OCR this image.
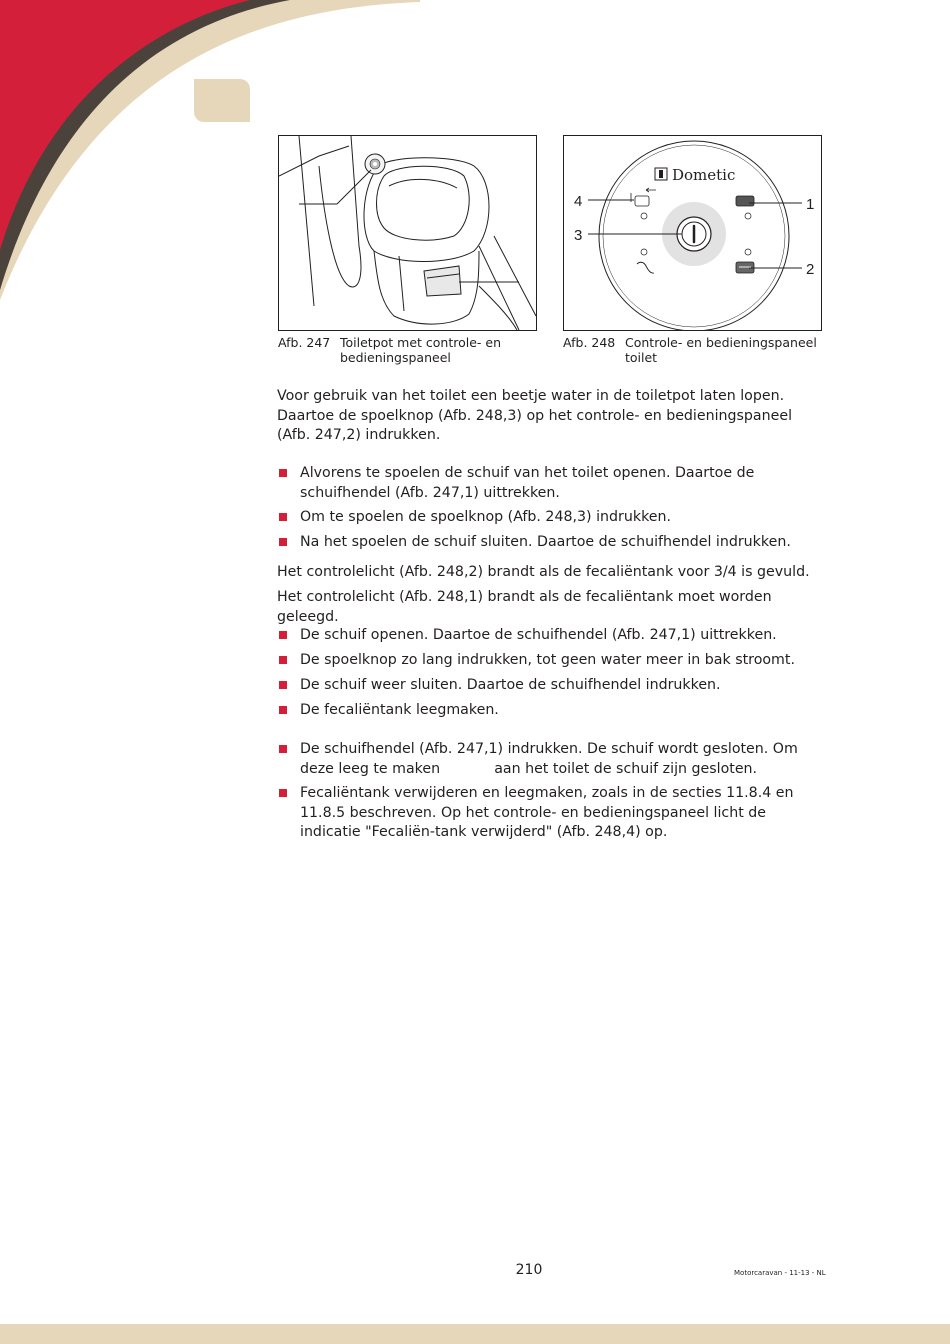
Dometic
4
3
1
2
Afb. 247 Toiletpot met controle- en bedieningspaneel
Afb. 248 Controle- en bedieningspaneel toilet

Voor gebruik van het toilet een beetje water in de toiletpot laten lopen. Daartoe de spoelknop (Afb. 248,3) op het controle- en bedieningspaneel (Afb. 247,2) indrukken.

Alvorens te spoelen de schuif van het toilet openen. Daartoe de schuifhendel (Afb. 247,1) uittrekken.
Om te spoelen de spoelknop (Afb. 248,3) indrukken.
Na het spoelen de schuif sluiten. Daartoe de schuifhendel indrukken.

Het controlelicht (Afb. 248,2) brandt als de fecaliëntank voor 3/4 is gevuld.

Het controlelicht (Afb. 248,1) brandt als de fecaliëntank moet worden geleegd.

De schuif openen. Daartoe de schuifhendel (Afb. 247,1) uittrekken.
De spoelknop zo lang indrukken, tot geen water meer in bak stroomt.
De schuif weer sluiten. Daartoe de schuifhendel indrukken.
De fecaliëntank leegmaken.
De schuifhendel (Afb. 247,1) indrukken. De schuif wordt gesloten. Om deze leeg te maken            aan het toilet de schuif zijn gesloten.
Fecaliëntank verwijderen en leegmaken, zoals in de secties 11.8.4 en 11.8.5 beschreven. Op het controle- en bedieningspaneel licht de indicatie "Fecaliën-tank verwijderd" (Afb. 248,4) op.
210	Motorcaravan - 11-13 - NL
